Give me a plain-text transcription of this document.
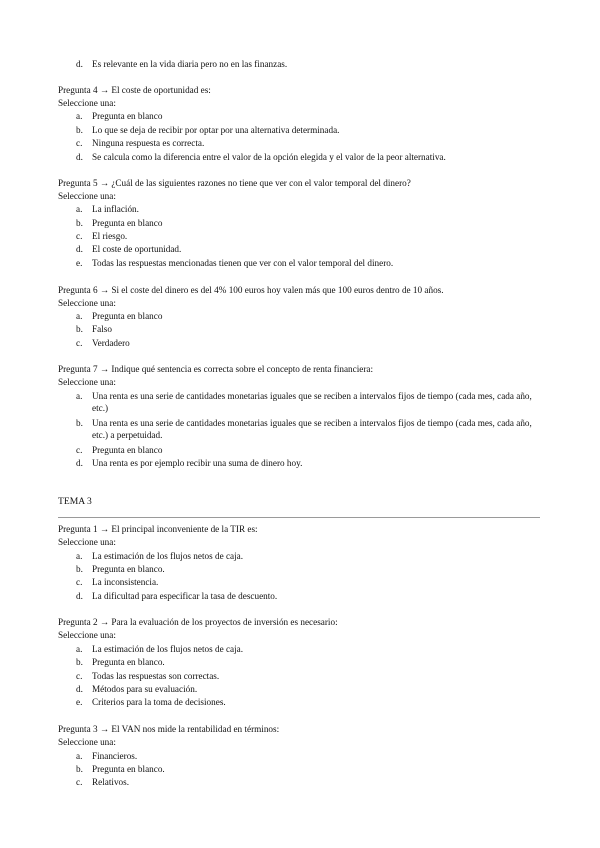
d. Es relevante en la vida diaria pero no en las finanzas.
Pregunta 4 → El coste de oportunidad es:
Seleccione una:
a.	Pregunta en blanco
b. Lo que se deja de recibir por optar por una alternativa determinada.
c.	Ninguna respuesta es correcta.
d. Se calcula como la diferencia entre el valor de la opción elegida y el valor de la peor alternativa.
Pregunta 5 → ¿Cuál de las siguientes razones no tiene que ver con el valor temporal del dinero?
Seleccione una:
a.	La inflación.
b. Pregunta en blanco
c.	El riesgo.
d. El coste de oportunidad.
e.	Todas las respuestas mencionadas tienen que ver con el valor temporal del dinero.
Pregunta 6 → Si el coste del dinero es del 4% 100 euros hoy valen más que 100 euros dentro de 10 años.
Seleccione una:
a.	Pregunta en blanco
b. Falso
c.	Verdadero
Pregunta 7 → Indique qué sentencia es correcta sobre el concepto de renta financiera:
Seleccione una:
a.	Una renta es una serie de cantidades monetarias iguales que se reciben a intervalos fijos de tiempo (cada mes, cada año, etc.)
b. Una renta es una serie de cantidades monetarias iguales que se reciben a intervalos fijos de tiempo (cada mes, cada año, etc.) a perpetuidad.
c.	Pregunta en blanco
d. Una renta es por ejemplo recibir una suma de dinero hoy.
TEMA 3
Pregunta 1 → El principal inconveniente de la TIR es:
Seleccione una:
a.	La estimación de los flujos netos de caja.
b. Pregunta en blanco.
c.	La inconsistencia.
d. La dificultad para especificar la tasa de descuento.
Pregunta 2 → Para la evaluación de los proyectos de inversión es necesario:
Seleccione una:
a.	La estimación de los flujos netos de caja.
b. Pregunta en blanco.
c.	Todas las respuestas son correctas.
d. Métodos para su evaluación.
e.	Criterios para la toma de decisiones.
Pregunta 3 → El VAN nos mide la rentabilidad en términos:
Seleccione una:
a.	Financieros.
b. Pregunta en blanco.
c.	Relativos.
